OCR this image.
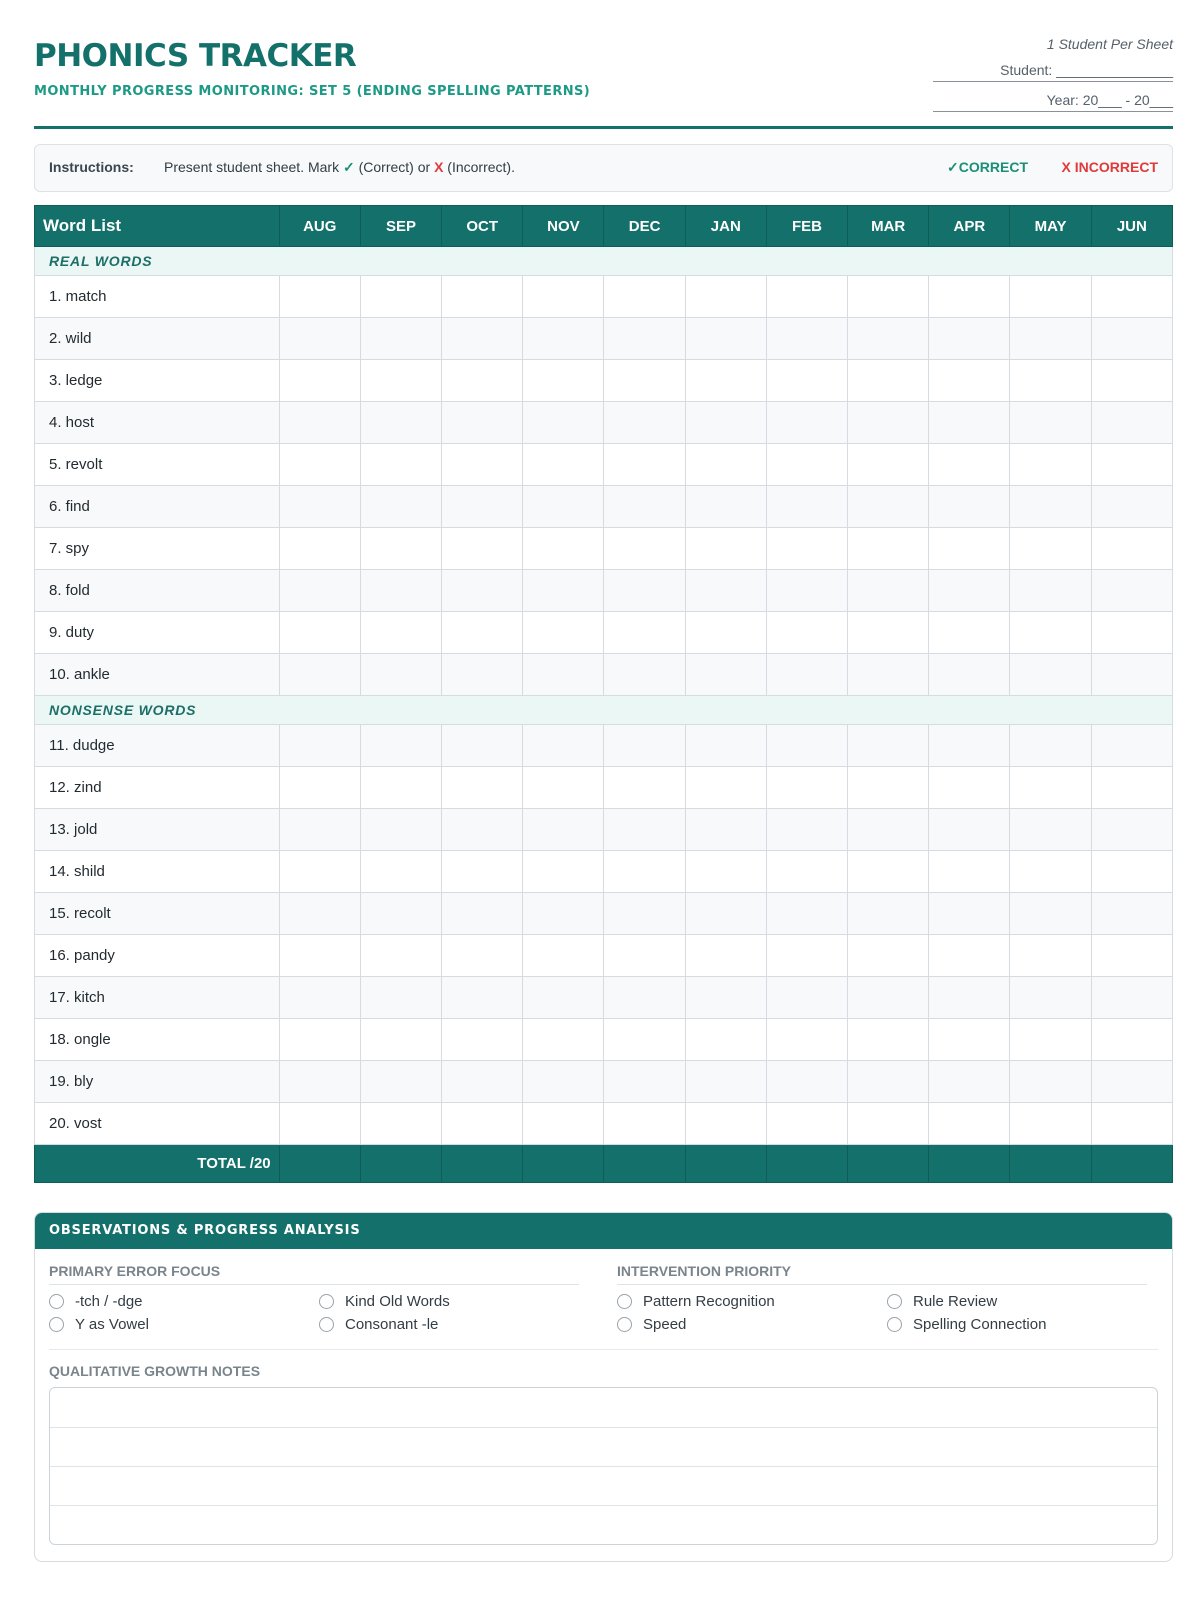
PHONICS TRACKER
MONTHLY PROGRESS MONITORING: SET 5 (ENDING SPELLING PATTERNS)
1 Student Per Sheet
Student: _______________
Year: 20___ - 20___
Instructions: Present student sheet. Mark ✓ (Correct) or X (Incorrect).	✓CORRECT X INCORRECT
Word List	AUG	SEP	OCT	NOV	DEC	JAN	FEB	MAR	APR	MAY	JUN
REAL WORDS											
1. match											
2. wild											
3. ledge											
4. host											
5. revolt											
6. find											
7. spy											
8. fold											
9. duty											
10. ankle											
NONSENSE WORDS											
11. dudge											
12. zind											
13. jold											
14. shild											
15. recolt											
16. pandy											
17. kitch											
18. ongle											
19. bly											
20. vost											
TOTAL /20											
OBSERVATIONS & PROGRESS ANALYSIS
PRIMARY ERROR FOCUS
-tch / -dge	Kind Old Words
Y as Vowel	Consonant -le
INTERVENTION PRIORITY
Pattern Recognition	Rule Review
Speed	Spelling Connection
QUALITATIVE GROWTH NOTES
